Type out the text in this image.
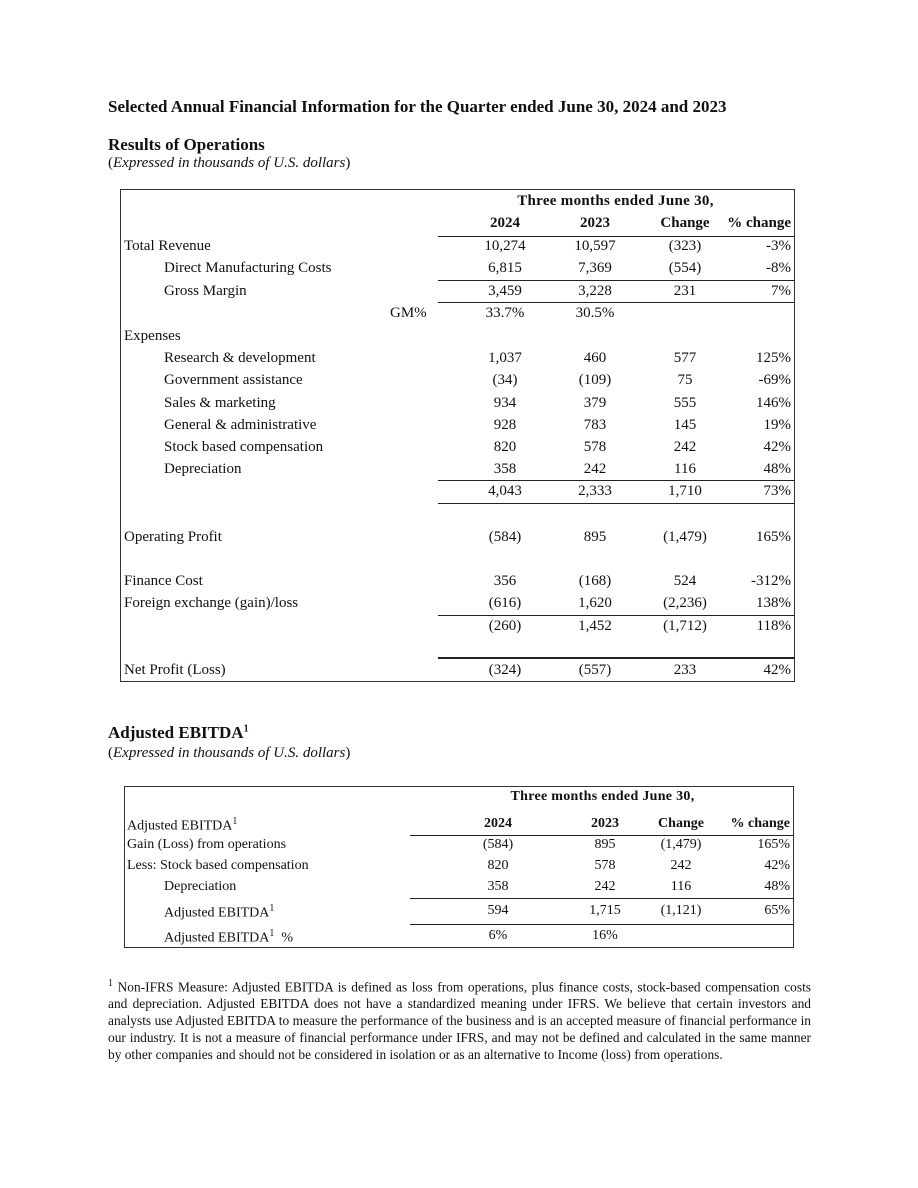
Selected Annual Financial Information for the Quarter ended June 30, 2024 and 2023
Results of Operations
(Expressed in thousands of U.S. dollars)
Three months ended June 30,
2024	2023	Change	% change
Total Revenue	10,274	10,597	(323)	-3%
Direct Manufacturing Costs	6,815	7,369	(554)	-8%
Gross Margin	3,459	3,228	231	7%
GM%	33.7%	30.5%
Expenses
Research & development	1,037	460	577	125%
Government assistance	(34)	(109)	75	-69%
Sales & marketing	934	379	555	146%
General & administrative	928	783	145	19%
Stock based compensation	820	578	242	42%
Depreciation	358	242	116	48%
4,043	2,333	1,710	73%
Operating Profit	(584)	895	(1,479)	165%
Finance Cost	356	(168)	524	-312%
Foreign exchange (gain)/loss	(616)	1,620	(2,236)	138%
(260)	1,452	(1,712)	118%
Net Profit (Loss)	(324)	(557)	233	42%
Adjusted EBITDA$^1$
(Expressed in thousands of U.S. dollars)
Three months ended June 30,
Adjusted EBITDA$^1$	2024	2023	Change	% change
Gain (Loss) from operations	(584)	895	(1,479)	165%
Less: Stock based compensation	820	578	242	42%
Depreciation	358	242	116	48%
Adjusted EBITDA$^1$	594	1,715	(1,121)	65%
Adjusted EBITDA$^1$ %	6%	16%
$^1$ Non-IFRS Measure: Adjusted EBITDA is defined as loss from operations, plus finance costs, stock-based compensation costs and depreciation. Adjusted EBITDA does not have a standardized meaning under IFRS. We believe that certain investors and analysts use Adjusted EBITDA to measure the performance of the business and is an accepted measure of financial performance in our industry. It is not a measure of financial performance under IFRS, and may not be defined and calculated in the same manner by other companies and should not be considered in isolation or as an alternative to Income (loss) from operations.
